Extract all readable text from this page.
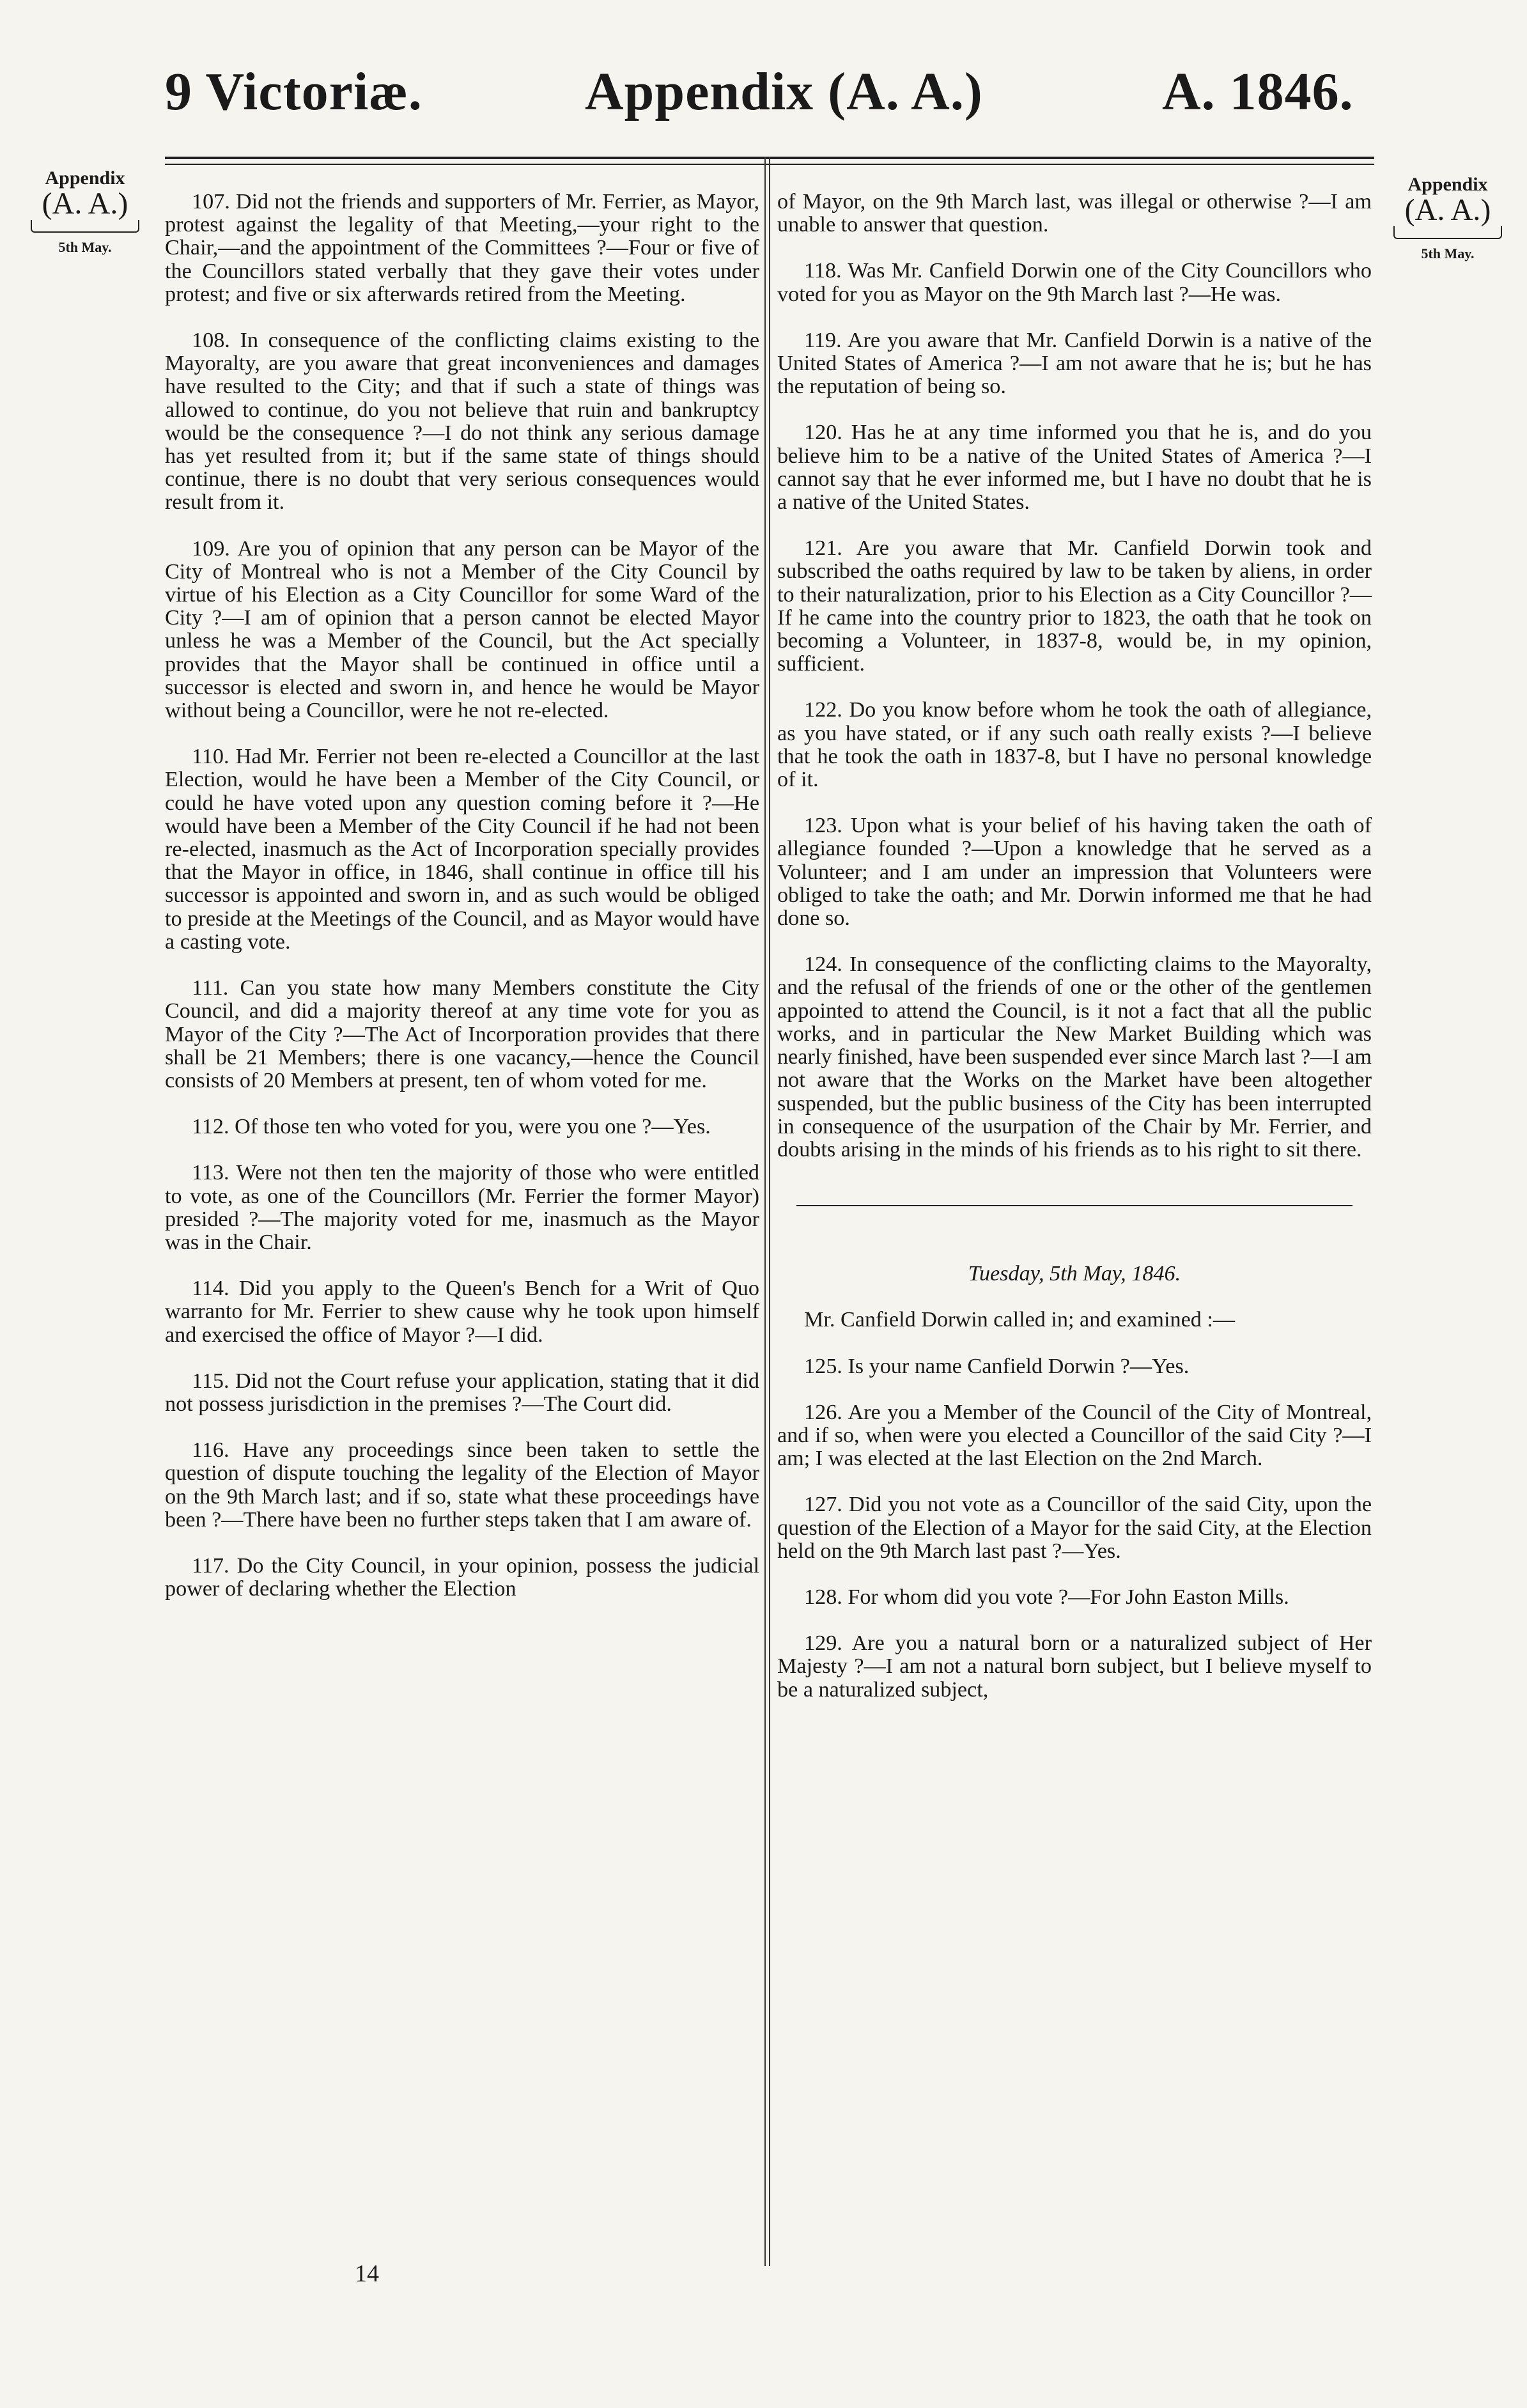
9 Victoriæ.	Appendix (A. A.)	A. 1846.
Appendix
(A. A.)
5th May.
Appendix
(A. A.)
5th May.

107. Did not the friends and supporters of Mr. Ferrier, as Mayor, protest against the legality of that Meeting,—your right to the Chair,—and the appointment of the Committees ?—Four or five of the Councillors stated verbally that they gave their votes under protest; and five or six afterwards retired from the Meeting.

108. In consequence of the conflicting claims existing to the Mayoralty, are you aware that great inconveniences and damages have resulted to the City; and that if such a state of things was allowed to continue, do you not believe that ruin and bankruptcy would be the consequence ?—I do not think any serious damage has yet resulted from it; but if the same state of things should continue, there is no doubt that very serious consequences would result from it.

109. Are you of opinion that any person can be Mayor of the City of Montreal who is not a Member of the City Council by virtue of his Election as a City Councillor for some Ward of the City ?—I am of opinion that a person cannot be elected Mayor unless he was a Member of the Council, but the Act specially provides that the Mayor shall be continued in office until a successor is elected and sworn in, and hence he would be Mayor without being a Councillor, were he not re-elected.

110. Had Mr. Ferrier not been re-elected a Councillor at the last Election, would he have been a Member of the City Council, or could he have voted upon any question coming before it ?—He would have been a Member of the City Council if he had not been re-elected, inasmuch as the Act of Incorporation specially provides that the Mayor in office, in 1846, shall continue in office till his successor is appointed and sworn in, and as such would be obliged to preside at the Meetings of the Council, and as Mayor would have a casting vote.

111. Can you state how many Members constitute the City Council, and did a majority thereof at any time vote for you as Mayor of the City ?—The Act of Incorporation provides that there shall be 21 Members; there is one vacancy,—hence the Council consists of 20 Members at present, ten of whom voted for me.

112. Of those ten who voted for you, were you one ?—Yes.

113. Were not then ten the majority of those who were entitled to vote, as one of the Councillors (Mr. Ferrier the former Mayor) presided ?—The majority voted for me, inasmuch as the Mayor was in the Chair.

114. Did you apply to the Queen's Bench for a Writ of Quo warranto for Mr. Ferrier to shew cause why he took upon himself and exercised the office of Mayor ?—I did.

115. Did not the Court refuse your application, stating that it did not possess jurisdiction in the premises ?—The Court did.

116. Have any proceedings since been taken to settle the question of dispute touching the legality of the Election of Mayor on the 9th March last; and if so, state what these proceedings have been ?—There have been no further steps taken that I am aware of.

117. Do the City Council, in your opinion, possess the judicial power of declaring whether the Election

of Mayor, on the 9th March last, was illegal or otherwise ?—I am unable to answer that question.

118. Was Mr. Canfield Dorwin one of the City Councillors who voted for you as Mayor on the 9th March last ?—He was.

119. Are you aware that Mr. Canfield Dorwin is a native of the United States of America ?—I am not aware that he is; but he has the reputation of being so.

120. Has he at any time informed you that he is, and do you believe him to be a native of the United States of America ?—I cannot say that he ever informed me, but I have no doubt that he is a native of the United States.

121. Are you aware that Mr. Canfield Dorwin took and subscribed the oaths required by law to be taken by aliens, in order to their naturalization, prior to his Election as a City Councillor ?—If he came into the country prior to 1823, the oath that he took on becoming a Volunteer, in 1837-8, would be, in my opinion, sufficient.

122. Do you know before whom he took the oath of allegiance, as you have stated, or if any such oath really exists ?—I believe that he took the oath in 1837-8, but I have no personal knowledge of it.

123. Upon what is your belief of his having taken the oath of allegiance founded ?—Upon a knowledge that he served as a Volunteer; and I am under an impression that Volunteers were obliged to take the oath; and Mr. Dorwin informed me that he had done so.

124. In consequence of the conflicting claims to the Mayoralty, and the refusal of the friends of one or the other of the gentlemen appointed to attend the Council, is it not a fact that all the public works, and in particular the New Market Building which was nearly finished, have been suspended ever since March last ?—I am not aware that the Works on the Market have been altogether suspended, but the public business of the City has been interrupted in consequence of the usurpation of the Chair by Mr. Ferrier, and doubts arising in the minds of his friends as to his right to sit there.

Tuesday, 5th May, 1846.

Mr. Canfield Dorwin called in; and examined :—

125. Is your name Canfield Dorwin ?—Yes.

126. Are you a Member of the Council of the City of Montreal, and if so, when were you elected a Councillor of the said City ?—I am; I was elected at the last Election on the 2nd March.

127. Did you not vote as a Councillor of the said City, upon the question of the Election of a Mayor for the said City, at the Election held on the 9th March last past ?—Yes.

128. For whom did you vote ?—For John Easton Mills.

129. Are you a natural born or a naturalized subject of Her Majesty ?—I am not a natural born subject, but I believe myself to be a naturalized subject,

14
